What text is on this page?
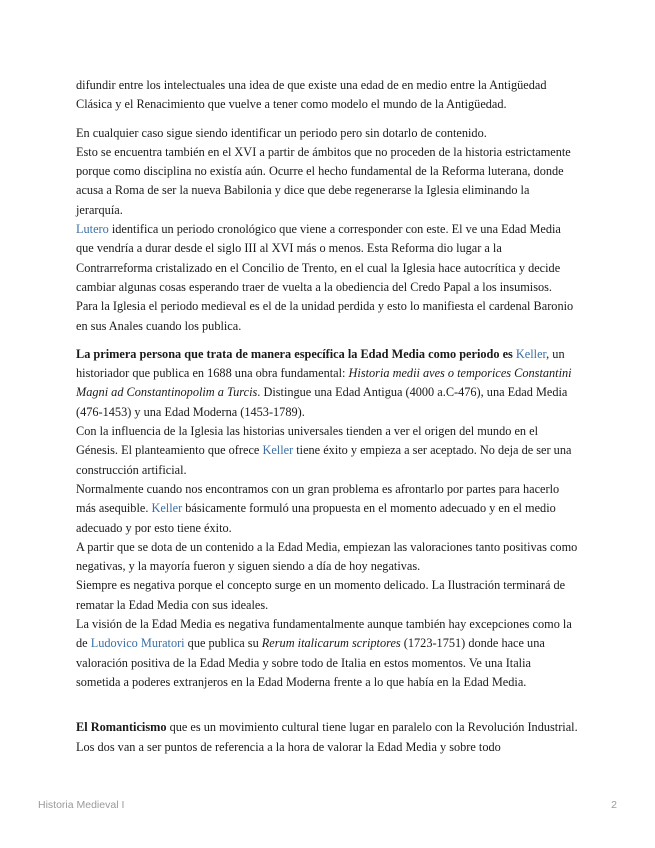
difundir entre los intelectuales una idea de que existe una edad de en medio entre la Antigüedad Clásica y el Renacimiento que vuelve a tener como modelo el mundo de la Antigüedad.

En cualquier caso sigue siendo identificar un periodo pero sin dotarlo de contenido.

Esto se encuentra también en el XVI a partir de ámbitos que no proceden de la historia estrictamente porque como disciplina no existía aún. Ocurre el hecho fundamental de la Reforma luterana, donde acusa a Roma de ser la nueva Babilonia y dice que debe regenerarse la Iglesia eliminando la jerarquía.

Lutero identifica un periodo cronológico que viene a corresponder con este. El ve una Edad Media que vendría a durar desde el siglo III al XVI más o menos. Esta Reforma dio lugar a la Contrarreforma cristalizado en el Concilio de Trento, en el cual la Iglesia hace autocrítica y decide cambiar algunas cosas esperando traer de vuelta a la obediencia del Credo Papal a los insumisos.

Para la Iglesia el periodo medieval es el de la unidad perdida y esto lo manifiesta el cardenal Baronio en sus Anales cuando los publica.

La primera persona que trata de manera específica la Edad Media como periodo es Keller, un historiador que publica en 1688 una obra fundamental: Historia medii aves o temporices Constantini Magni ad Constantinopolim a Turcis. Distingue una Edad Antigua (4000 a.C-476), una Edad Media (476-1453) y una Edad Moderna (1453-1789).

Con la influencia de la Iglesia las historias universales tienden a ver el origen del mundo en el Génesis. El planteamiento que ofrece Keller tiene éxito y empieza a ser aceptado. No deja de ser una construcción artificial.

Normalmente cuando nos encontramos con un gran problema es afrontarlo por partes para hacerlo más asequible. Keller básicamente formuló una propuesta en el momento adecuado y en el medio adecuado y por esto tiene éxito.

A partir que se dota de un contenido a la Edad Media, empiezan las valoraciones tanto positivas como negativas, y la mayoría fueron y siguen siendo a día de hoy negativas.

Siempre es negativa porque el concepto surge en un momento delicado. La Ilustración terminará de rematar la Edad Media con sus ideales.

La visión de la Edad Media es negativa fundamentalmente aunque también hay excepciones como la de Ludovico Muratori que publica su Rerum italicarum scriptores (1723-1751) donde hace una valoración positiva de la Edad Media y sobre todo de Italia en estos momentos. Ve una Italia sometida a poderes extranjeros en la Edad Moderna frente a lo que había en la Edad Media.

El Romanticismo que es un movimiento cultural tiene lugar en paralelo con la Revolución Industrial. Los dos van a ser puntos de referencia a la hora de valorar la Edad Media y sobre todo

Historia Medieval I	2
